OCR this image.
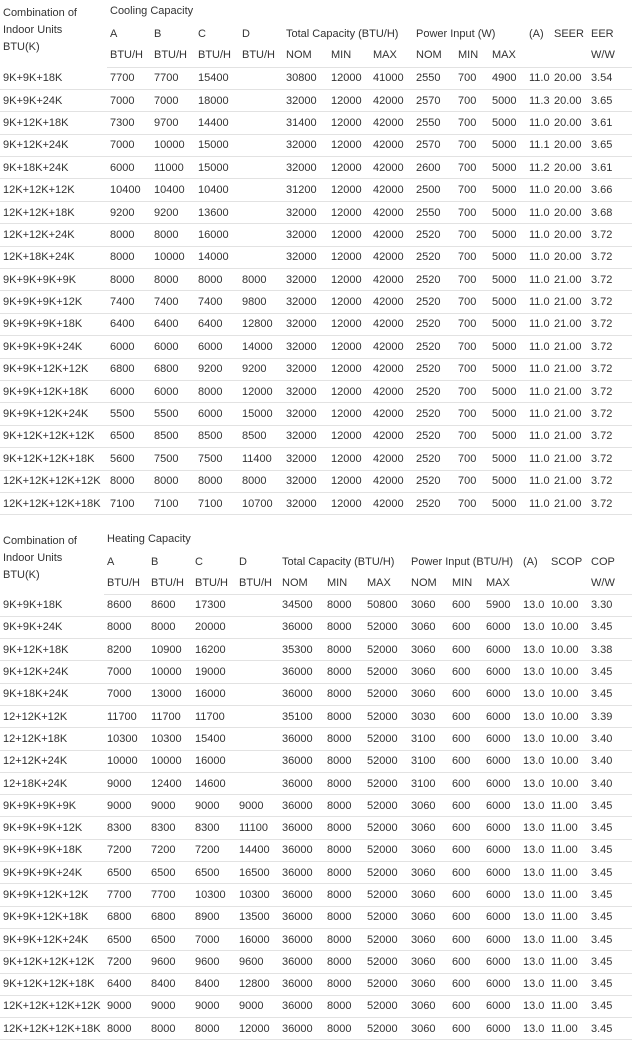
Combination of
Indoor Units
BTU(K)	Cooling Capacity												
	A	B	C	D	Total Capacity (BTU/H)			Power Input (W)			(A)	SEER	EER
	BTU/H	BTU/H	BTU/H	BTU/H	NOM	MIN	MAX	NOM	MIN	MAX			W/W
9K+9K+18K	7700	7700	15400		30800	12000	41000	2550	700	4900	11.0	20.00	3.54
9K+9K+24K	7000	7000	18000		32000	12000	42000	2570	700	5000	11.3	20.00	3.65
9K+12K+18K	7300	9700	14400		31400	12000	42000	2550	700	5000	11.0	20.00	3.61
9K+12K+24K	7000	10000	15000		32000	12000	42000	2570	700	5000	11.1	20.00	3.65
9K+18K+24K	6000	11000	15000		32000	12000	42000	2600	700	5000	11.2	20.00	3.61
12K+12K+12K	10400	10400	10400		31200	12000	42000	2500	700	5000	11.0	20.00	3.66
12K+12K+18K	9200	9200	13600		32000	12000	42000	2550	700	5000	11.0	20.00	3.68
12K+12K+24K	8000	8000	16000		32000	12000	42000	2520	700	5000	11.0	20.00	3.72
12K+18K+24K	8000	10000	14000		32000	12000	42000	2520	700	5000	11.0	20.00	3.72
9K+9K+9K+9K	8000	8000	8000	8000	32000	12000	42000	2520	700	5000	11.0	21.00	3.72
9K+9K+9K+12K	7400	7400	7400	9800	32000	12000	42000	2520	700	5000	11.0	21.00	3.72
9K+9K+9K+18K	6400	6400	6400	12800	32000	12000	42000	2520	700	5000	11.0	21.00	3.72
9K+9K+9K+24K	6000	6000	6000	14000	32000	12000	42000	2520	700	5000	11.0	21.00	3.72
9K+9K+12K+12K	6800	6800	9200	9200	32000	12000	42000	2520	700	5000	11.0	21.00	3.72
9K+9K+12K+18K	6000	6000	8000	12000	32000	12000	42000	2520	700	5000	11.0	21.00	3.72
9K+9K+12K+24K	5500	5500	6000	15000	32000	12000	42000	2520	700	5000	11.0	21.00	3.72
9K+12K+12K+12K	6500	8500	8500	8500	32000	12000	42000	2520	700	5000	11.0	21.00	3.72
9K+12K+12K+18K	5600	7500	7500	11400	32000	12000	42000	2520	700	5000	11.0	21.00	3.72
12K+12K+12K+12K	8000	8000	8000	8000	32000	12000	42000	2520	700	5000	11.0	21.00	3.72
12K+12K+12K+18K	7100	7100	7100	10700	32000	12000	42000	2520	700	5000	11.0	21.00	3.72
Combination of
Indoor Units
BTU(K)	Heating Capacity												
	A	B	C	D	Total Capacity (BTU/H)			Power Input (BTU/H)			(A)	SCOP	COP
	BTU/H	BTU/H	BTU/H	BTU/H	NOM	MIN	MAX	NOM	MIN	MAX			W/W
9K+9K+18K	8600	8600	17300		34500	8000	50800	3060	600	5900	13.0	10.00	3.30
9K+9K+24K	8000	8000	20000		36000	8000	52000	3060	600	6000	13.0	10.00	3.45
9K+12K+18K	8200	10900	16200		35300	8000	52000	3060	600	6000	13.0	10.00	3.38
9K+12K+24K	7000	10000	19000		36000	8000	52000	3060	600	6000	13.0	10.00	3.45
9K+18K+24K	7000	13000	16000		36000	8000	52000	3060	600	6000	13.0	10.00	3.45
12+12K+12K	11700	11700	11700		35100	8000	52000	3030	600	6000	13.0	10.00	3.39
12+12K+18K	10300	10300	15400		36000	8000	52000	3100	600	6000	13.0	10.00	3.40
12+12K+24K	10000	10000	16000		36000	8000	52000	3100	600	6000	13.0	10.00	3.40
12+18K+24K	9000	12400	14600		36000	8000	52000	3100	600	6000	13.0	10.00	3.40
9K+9K+9K+9K	9000	9000	9000	9000	36000	8000	52000	3060	600	6000	13.0	11.00	3.45
9K+9K+9K+12K	8300	8300	8300	11100	36000	8000	52000	3060	600	6000	13.0	11.00	3.45
9K+9K+9K+18K	7200	7200	7200	14400	36000	8000	52000	3060	600	6000	13.0	11.00	3.45
9K+9K+9K+24K	6500	6500	6500	16500	36000	8000	52000	3060	600	6000	13.0	11.00	3.45
9K+9K+12K+12K	7700	7700	10300	10300	36000	8000	52000	3060	600	6000	13.0	11.00	3.45
9K+9K+12K+18K	6800	6800	8900	13500	36000	8000	52000	3060	600	6000	13.0	11.00	3.45
9K+9K+12K+24K	6500	6500	7000	16000	36000	8000	52000	3060	600	6000	13.0	11.00	3.45
9K+12K+12K+12K	7200	9600	9600	9600	36000	8000	52000	3060	600	6000	13.0	11.00	3.45
9K+12K+12K+18K	6400	8400	8400	12800	36000	8000	52000	3060	600	6000	13.0	11.00	3.45
12K+12K+12K+12K	9000	9000	9000	9000	36000	8000	52000	3060	600	6000	13.0	11.00	3.45
12K+12K+12K+18K	8000	8000	8000	12000	36000	8000	52000	3060	600	6000	13.0	11.00	3.45
